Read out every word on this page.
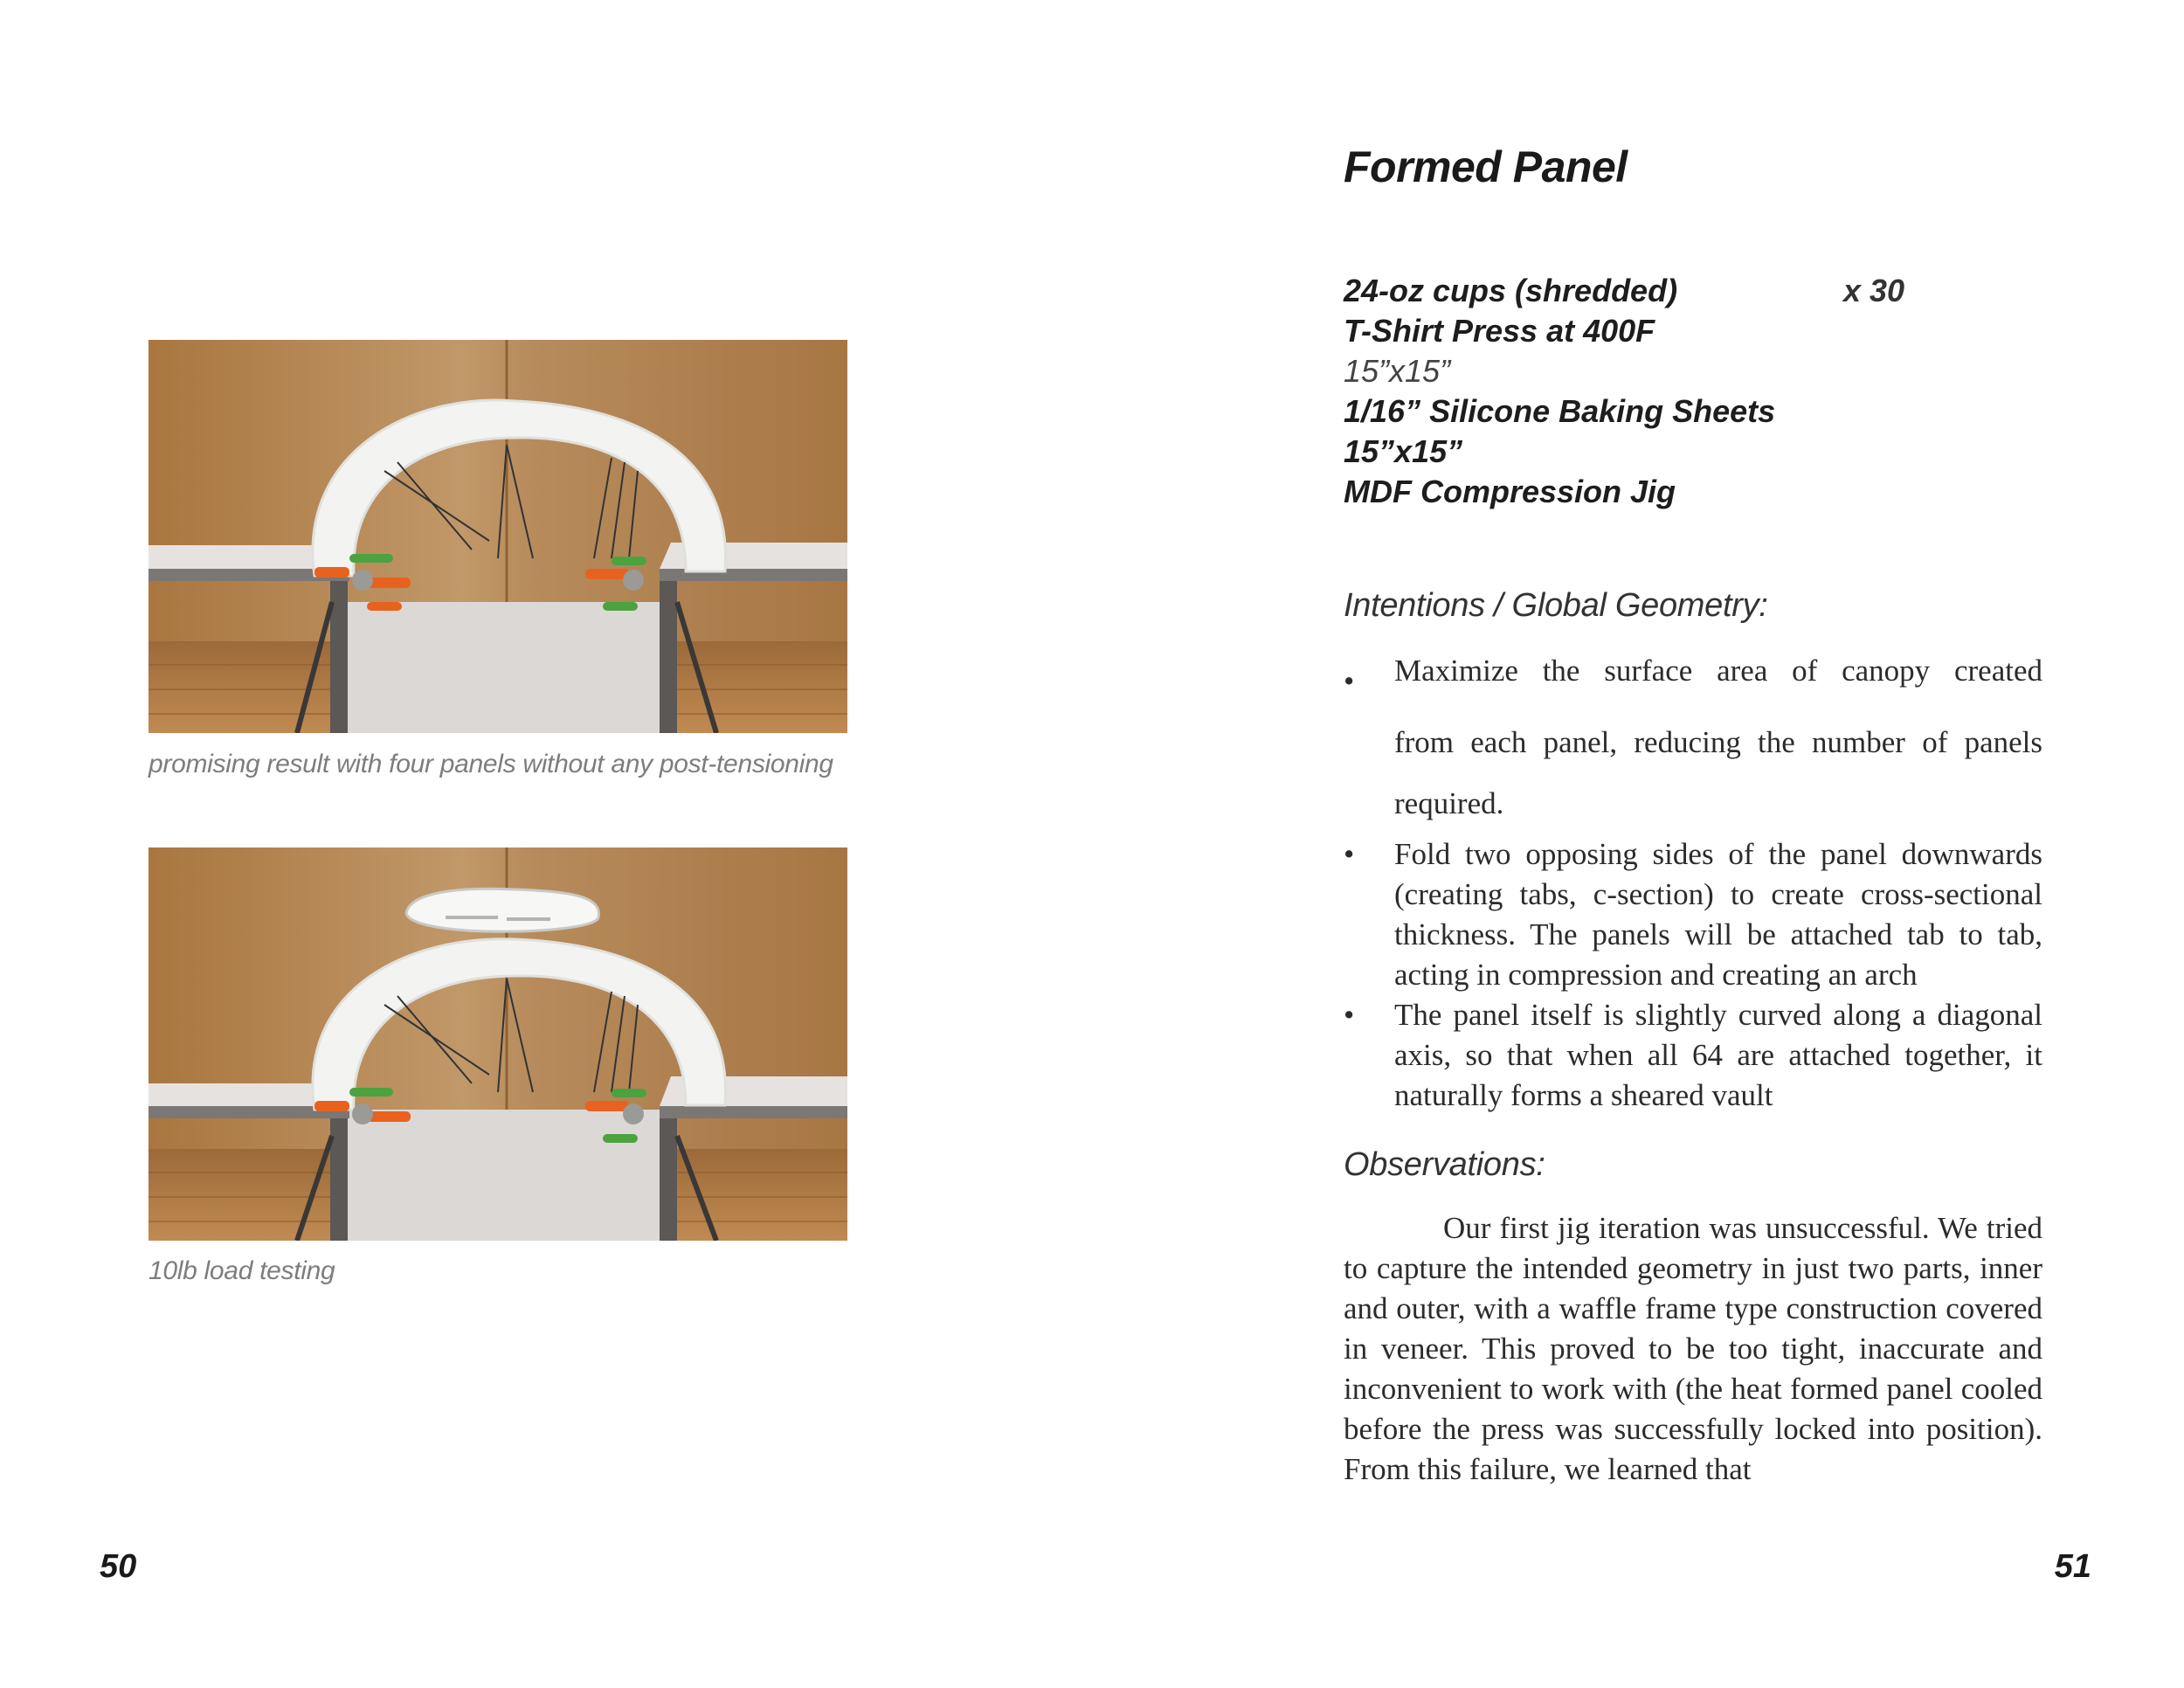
promising result with four panels without any post-tensioning
10lb load testing
50
Formed Panel
24-oz cups (shredded)	x 30
T-Shirt Press at 400F
15”x15”
1/16” Silicone Baking Sheets
15”x15”
MDF Compression Jig
Intentions / Global Geometry:
• Maximize the surface area of canopy created
from each panel, reducing the number of panels required.
• Fold two opposing sides of the panel downwards (creating tabs, c-section) to create cross-sectional thickness. The panels will be attached tab to tab, acting in compression and creating an arch
• The panel itself is slightly curved along a diagonal axis, so that when all 64 are attached together, it naturally forms a sheared vault
Observations:
Our first jig iteration was unsuccessful. We tried to capture the intended geometry in just two parts, inner and outer, with a waffle frame type construction covered in veneer. This proved to be too tight, inaccurate and inconvenient to work with (the heat formed panel cooled before the press was successfully locked into position). From this failure, we learned that
51
